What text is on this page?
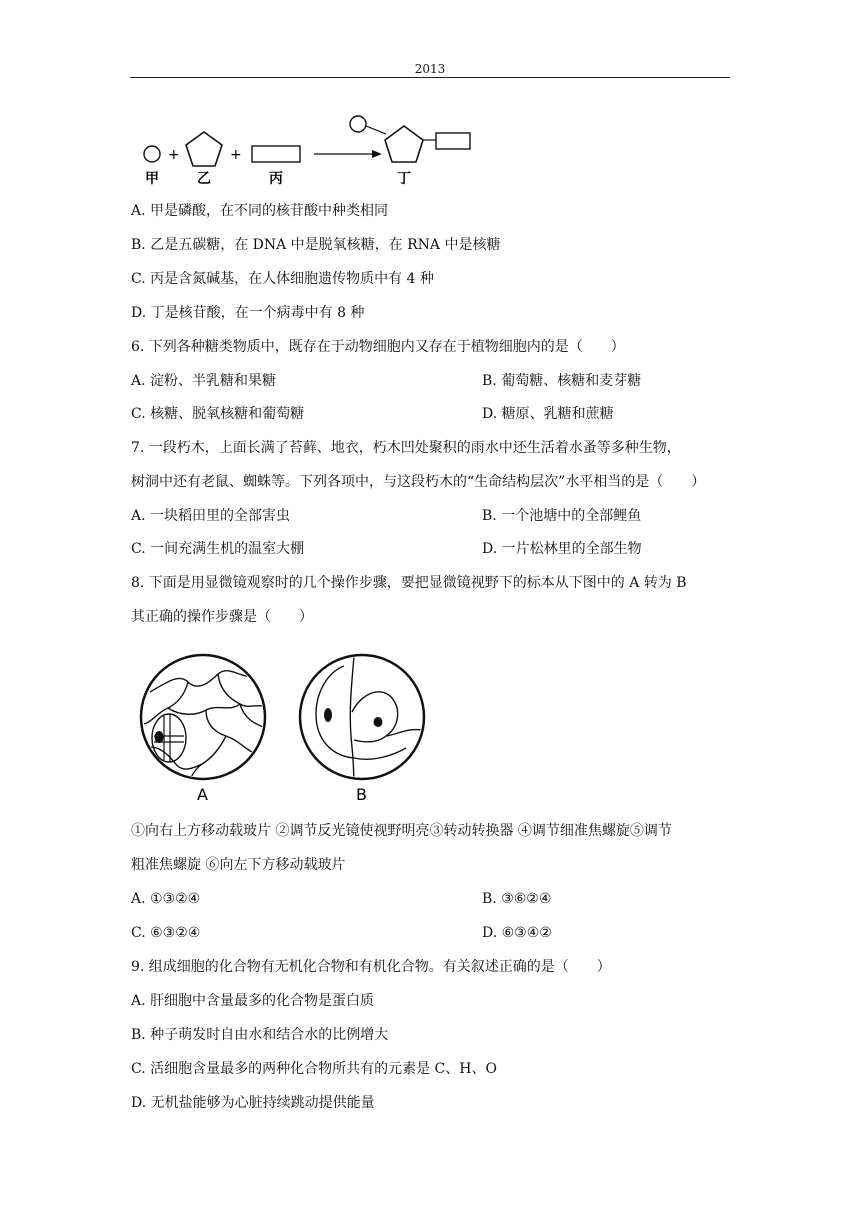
2013
+	+
甲	乙	丙	丁
A. 甲是磷酸，在不同的核苷酸中种类相同
B. 乙是五碳糖，在 DNA 中是脱氧核糖，在 RNA 中是核糖
C. 丙是含氮碱基，在人体细胞遗传物质中有 4 种
D. 丁是核苷酸，在一个病毒中有 8 种
6. 下列各种糖类物质中，既存在于动物细胞内又存在于植物细胞内的是（　　）
A. 淀粉、半乳糖和果糖	B. 葡萄糖、核糖和麦芽糖
C. 核糖、脱氧核糖和葡萄糖	D. 糖原、乳糖和蔗糖
7. 一段朽木，上面长满了苔藓、地衣，朽木凹处聚积的雨水中还生活着水蚤等多种生物，
树洞中还有老鼠、蜘蛛等。下列各项中，与这段朽木的“生命结构层次”水平相当的是（　　）
A. 一块稻田里的全部害虫	B. 一个池塘中的全部鲤鱼
C. 一间充满生机的温室大棚	D. 一片松林里的全部生物
8. 下面是用显微镜观察时的几个操作步骤，要把显微镜视野下的标本从下图中的 A 转为 B
其正确的操作步骤是（　　）
A	B
①向右上方移动载玻片 ②调节反光镜使视野明亮③转动转换器 ④调节细准焦螺旋⑤调节
粗准焦螺旋 ⑥向左下方移动载玻片
A. ①③②④	B. ③⑥②④
C. ⑥③②④	D. ⑥③④②
9. 组成细胞的化合物有无机化合物和有机化合物。有关叙述正确的是（　　）
A. 肝细胞中含量最多的化合物是蛋白质
B. 种子萌发时自由水和结合水的比例增大
C. 活细胞含量最多的两种化合物所共有的元素是 C、H、O
D. 无机盐能够为心脏持续跳动提供能量
